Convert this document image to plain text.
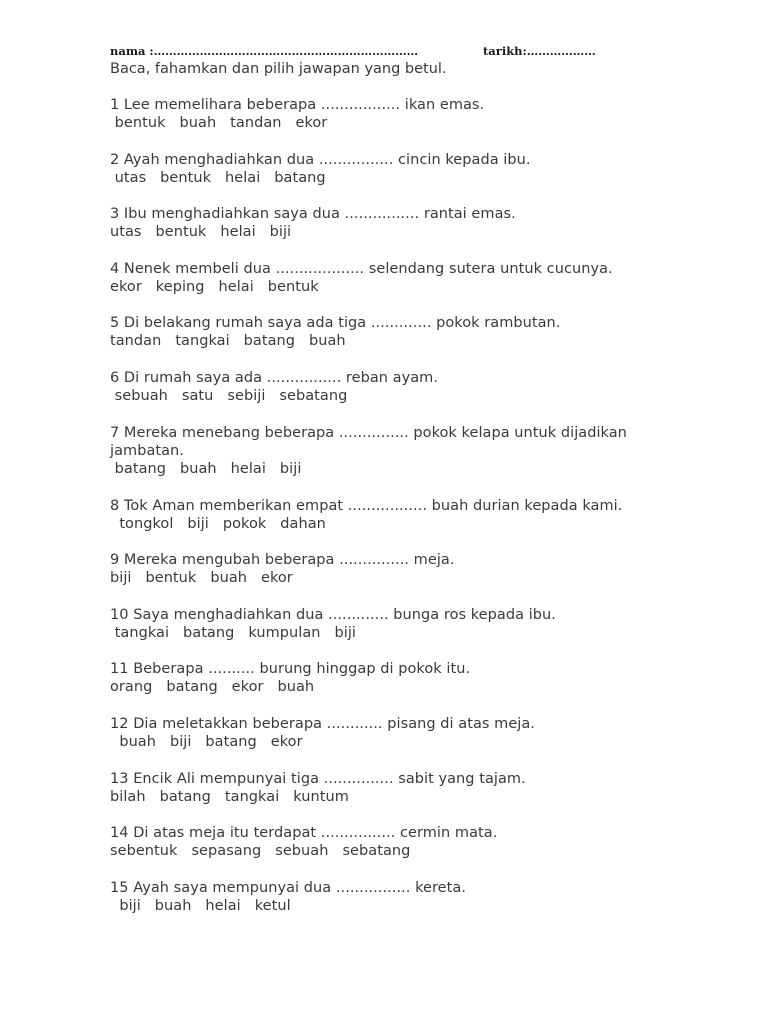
nama :……………………………………………………………	tarikh:………………
Baca, fahamkan dan pilih jawapan yang betul.
1 Lee memelihara beberapa ................. ikan emas.
bentuk   buah   tandan   ekor
2 Ayah menghadiahkan dua ................ cincin kepada ibu.
utas   bentuk   helai   batang
3 Ibu menghadiahkan saya dua ................ rantai emas.
utas   bentuk   helai   biji
4 Nenek membeli dua ................... selendang sutera untuk cucunya.
ekor   keping   helai   bentuk
5 Di belakang rumah saya ada tiga ............. pokok rambutan.
tandan   tangkai   batang   buah
6 Di rumah saya ada ................ reban ayam.
sebuah   satu   sebiji   sebatang
7 Mereka menebang beberapa ............... pokok kelapa untuk dijadikan jambatan.
batang   buah   helai   biji
8 Tok Aman memberikan empat ................. buah durian kepada kami.
tongkol   biji   pokok   dahan
9 Mereka mengubah beberapa ............... meja.
biji   bentuk   buah   ekor
10 Saya menghadiahkan dua ............. bunga ros kepada ibu.
tangkai   batang   kumpulan   biji
11 Beberapa .......... burung hinggap di pokok itu.
orang   batang   ekor   buah
12 Dia meletakkan beberapa ............ pisang di atas meja.
buah   biji   batang   ekor
13 Encik Ali mempunyai tiga ............... sabit yang tajam.
bilah   batang   tangkai   kuntum
14 Di atas meja itu terdapat ................ cermin mata.
sebentuk   sepasang   sebuah   sebatang
15 Ayah saya mempunyai dua ................ kereta.
biji   buah   helai   ketul
